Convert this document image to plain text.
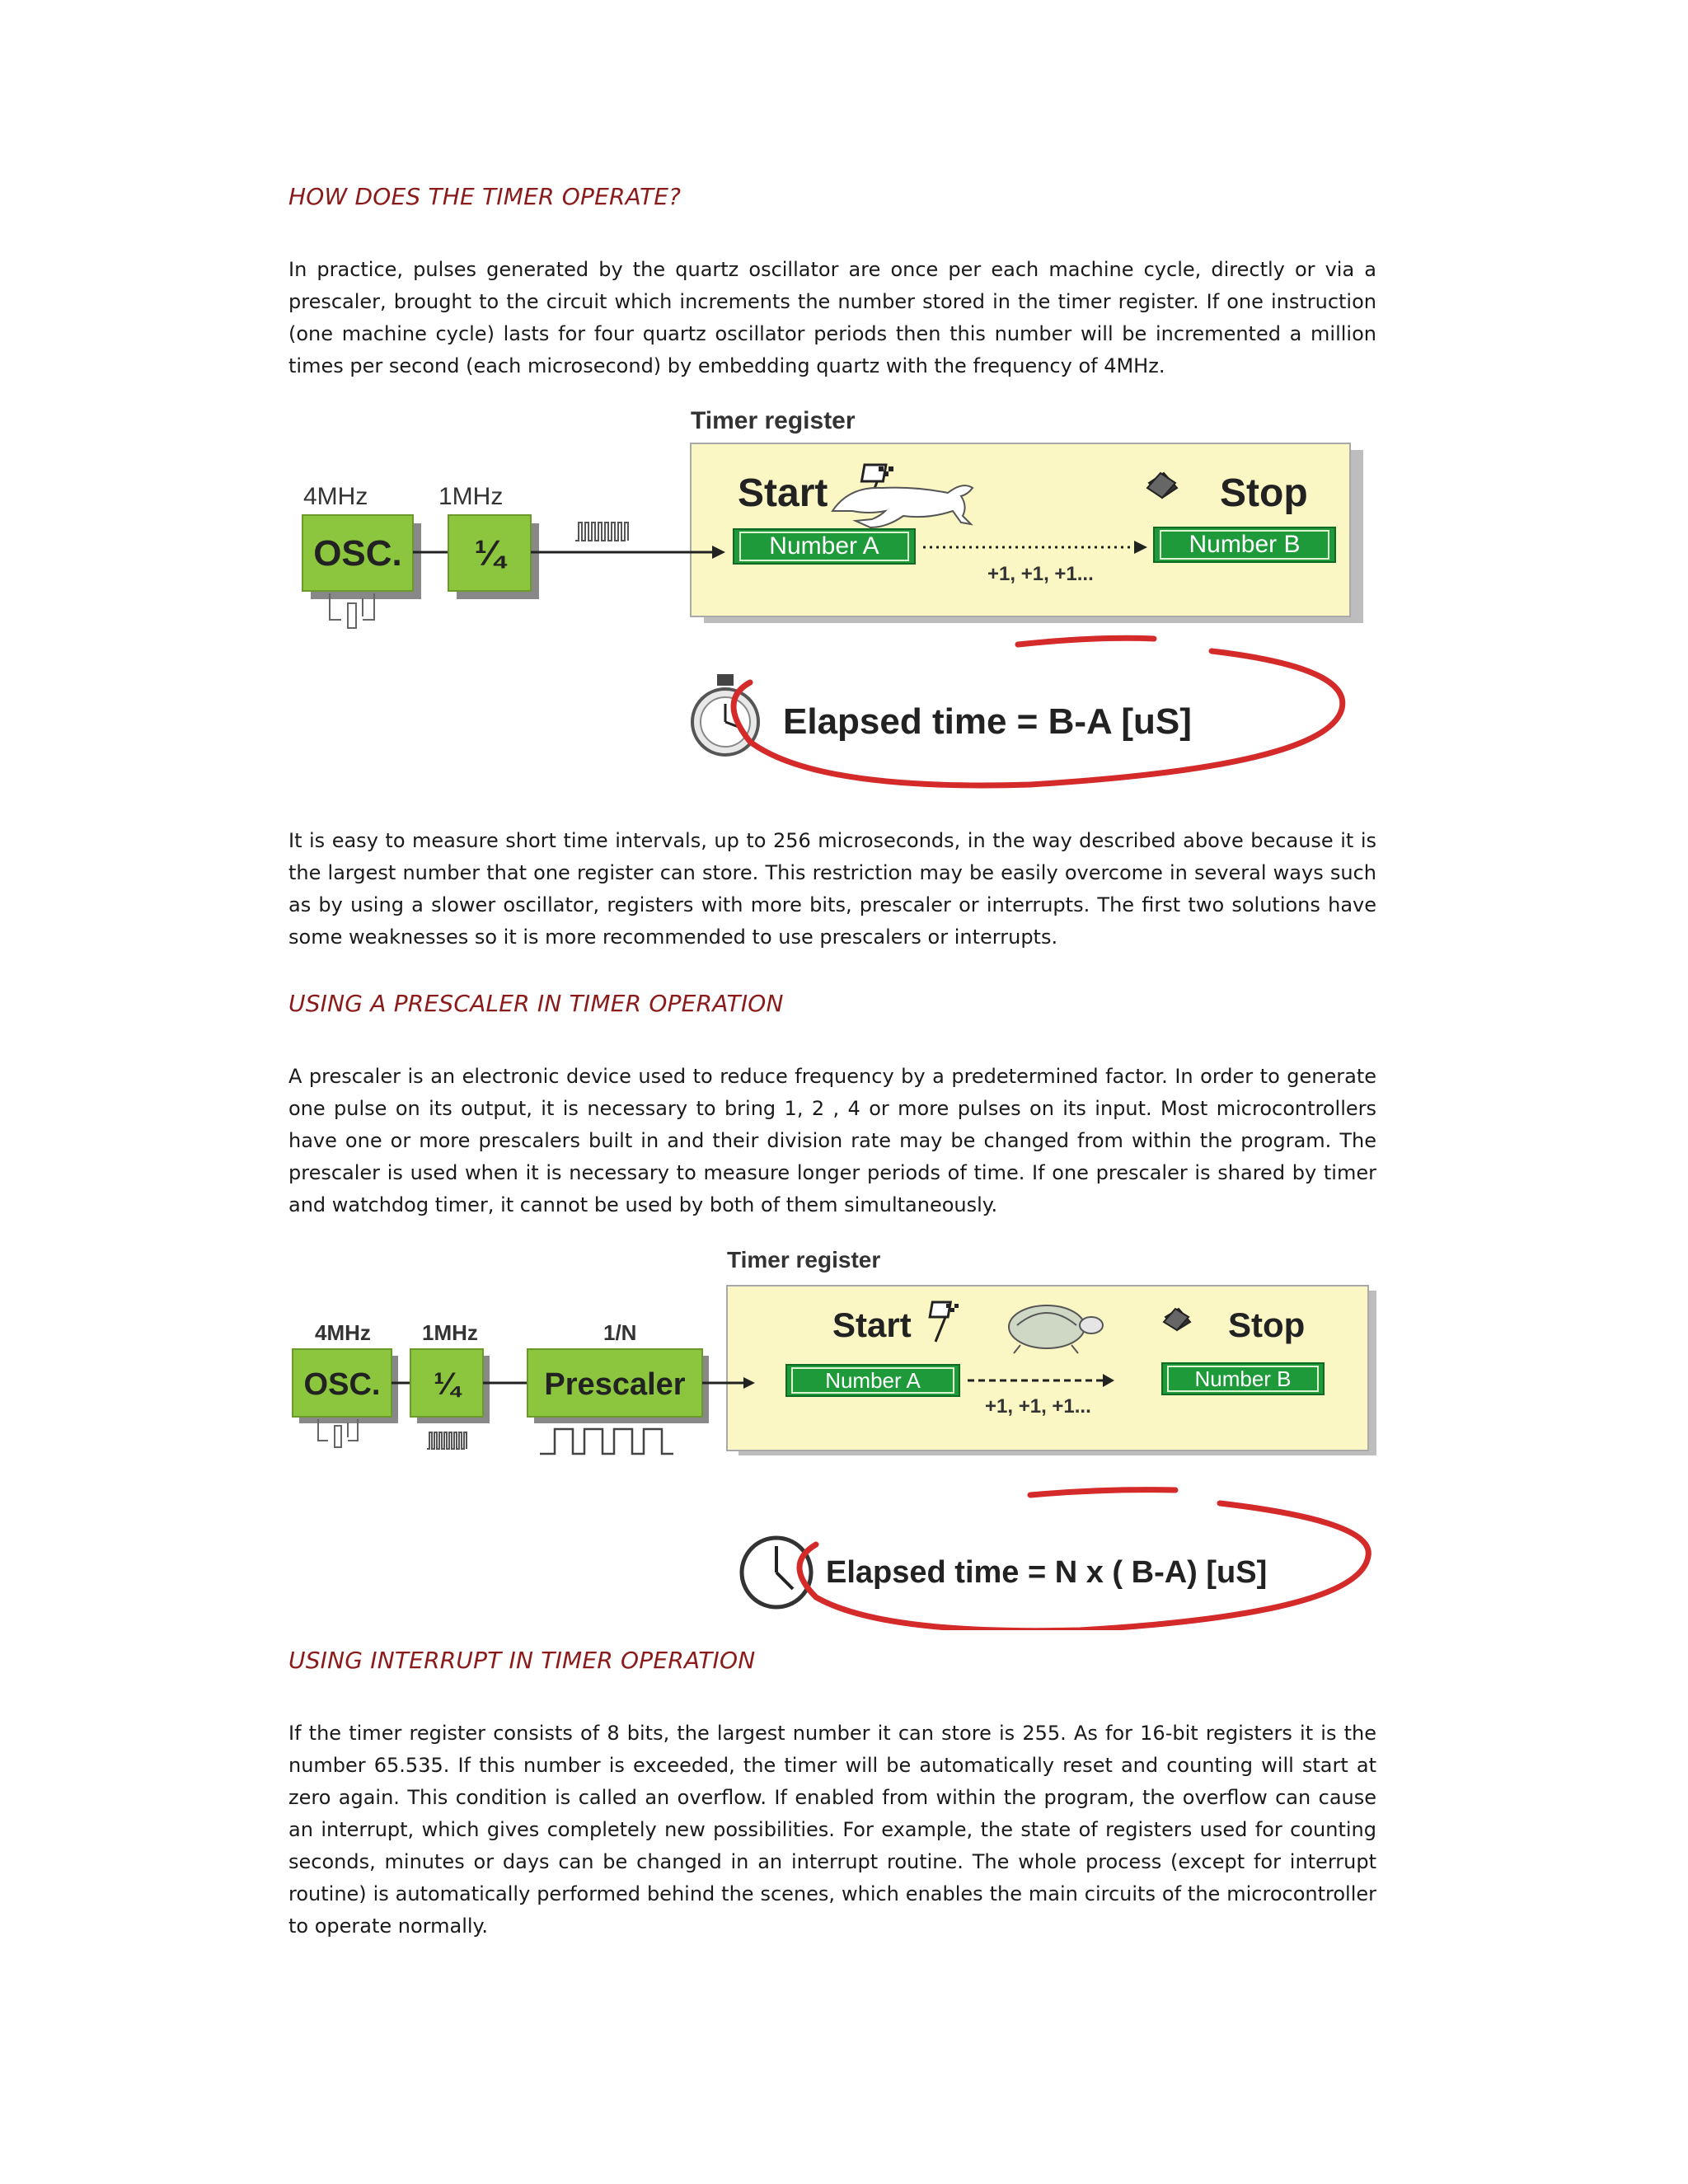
HOW DOES THE TIMER OPERATE?

In practice, pulses generated by the quartz oscillator are once per each machine cycle, directly or via a prescaler, brought to the circuit which increments the number stored in the timer register. If one instruction (one machine cycle) lasts for four quartz oscillator periods then this number will be incremented a million times per second (each microsecond) by embedding quartz with the frequency of 4MHz.

Timer register
4MHz	1MHz
OSC. ¼
Start
Number A
+1, +1, +1...
Stop
Number B
Elapsed time = B-A [uS]

It is easy to measure short time intervals, up to 256 microseconds, in the way described above because it is the largest number that one register can store. This restriction may be easily overcome in several ways such as by using a slower oscillator, registers with more bits, prescaler or interrupts. The first two solutions have some weaknesses so it is more recommended to use prescalers or interrupts.

USING A PRESCALER IN TIMER OPERATION

A prescaler is an electronic device used to reduce frequency by a predetermined factor. In order to generate one pulse on its output, it is necessary to bring 1, 2 , 4 or more pulses on its input. Most microcontrollers have one or more prescalers built in and their division rate may be changed from within the program. The prescaler is used when it is necessary to measure longer periods of time. If one prescaler is shared by timer and watchdog timer, it cannot be used by both of them simultaneously.

Timer register
4MHz 1MHz	1/N
OSC. ¼	Prescaler
Start
Number A
+1, +1, +1...
Stop
Number B
Elapsed time = N x ( B-A) [uS]
USING INTERRUPT IN TIMER OPERATION

If the timer register consists of 8 bits, the largest number it can store is 255. As for 16-bit registers it is the number 65.535. If this number is exceeded, the timer will be automatically reset and counting will start at zero again. This condition is called an overflow. If enabled from within the program, the overflow can cause an interrupt, which gives completely new possibilities. For example, the state of registers used for counting seconds, minutes or days can be changed in an interrupt routine. The whole process (except for interrupt routine) is automatically performed behind the scenes, which enables the main circuits of the microcontroller to operate normally.
